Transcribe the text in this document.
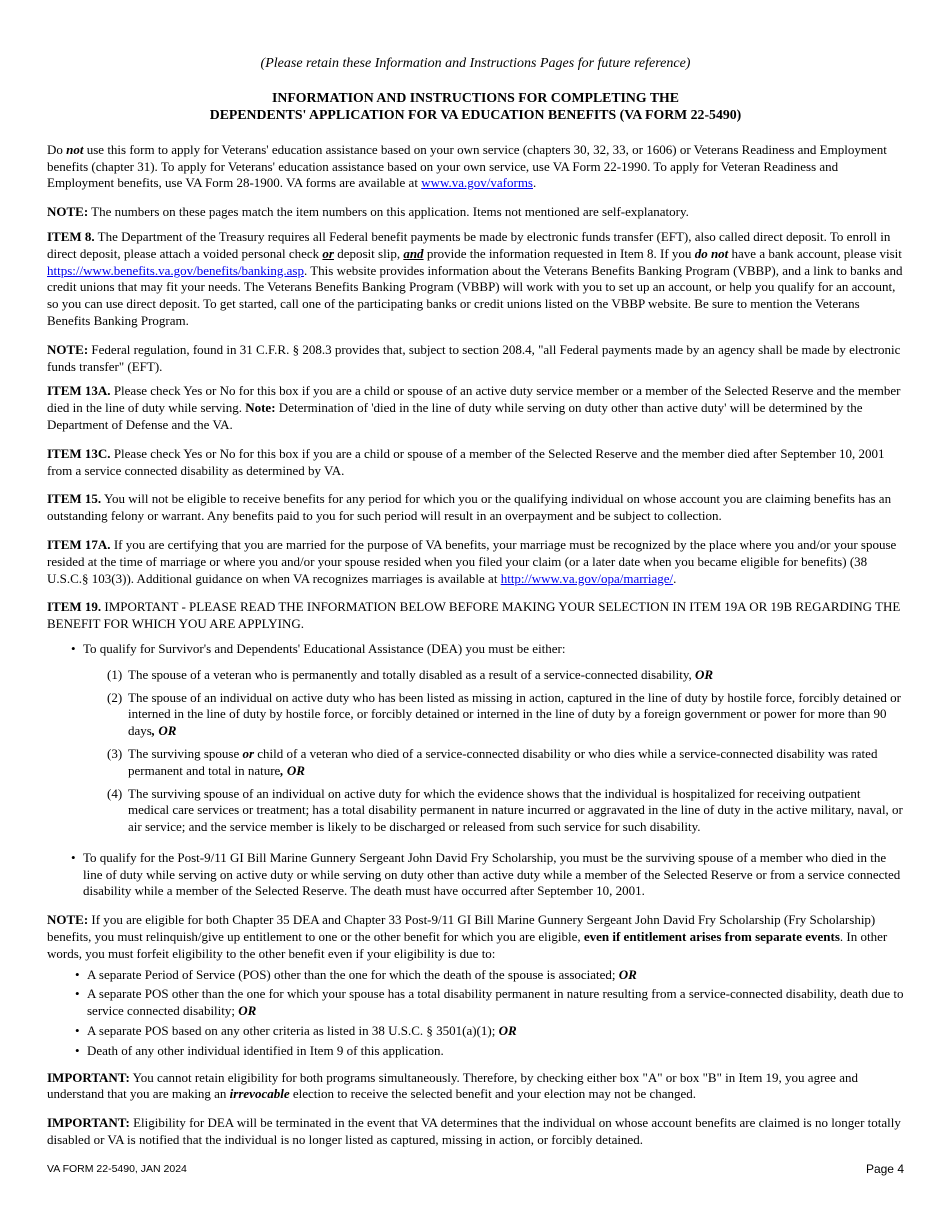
(Please retain these Information and Instructions Pages for future reference)
INFORMATION AND INSTRUCTIONS FOR COMPLETING THE
DEPENDENTS' APPLICATION FOR VA EDUCATION BENEFITS (VA FORM 22-5490)

Do not use this form to apply for Veterans' education assistance based on your own service (chapters 30, 32, 33, or 1606) or Veterans Readiness and Employment benefits (chapter 31). To apply for Veterans' education assistance based on your own service, use VA Form 22-1990. To apply for Veteran Readiness and Employment benefits, use VA Form 28-1900. VA forms are available at www.va.gov/vaforms.

NOTE: The numbers on these pages match the item numbers on this application. Items not mentioned are self-explanatory.

ITEM 8. The Department of the Treasury requires all Federal benefit payments be made by electronic funds transfer (EFT), also called direct deposit. To enroll in direct deposit, please attach a voided personal check or deposit slip, and provide the information requested in Item 8. If you do not have a bank account, please visit https://www.benefits.va.gov/benefits/banking.asp. This website provides information about the Veterans Benefits Banking Program (VBBP), and a link to banks and credit unions that may fit your needs. The Veterans Benefits Banking Program (VBBP) will work with you to set up an account, or help you qualify for an account, so you can use direct deposit. To get started, call one of the participating banks or credit unions listed on the VBBP website. Be sure to mention the Veterans Benefits Banking Program.

NOTE: Federal regulation, found in 31 C.F.R. § 208.3 provides that, subject to section 208.4, "all Federal payments made by an agency shall be made by electronic funds transfer" (EFT).

ITEM 13A. Please check Yes or No for this box if you are a child or spouse of an active duty service member or a member of the Selected Reserve and the member died in the line of duty while serving. Note: Determination of 'died in the line of duty while serving on duty other than active duty' will be determined by the Department of Defense and the VA.

ITEM 13C. Please check Yes or No for this box if you are a child or spouse of a member of the Selected Reserve and the member died after September 10, 2001 from a service connected disability as determined by VA.

ITEM 15. You will not be eligible to receive benefits for any period for which you or the qualifying individual on whose account you are claiming benefits has an outstanding felony or warrant. Any benefits paid to you for such period will result in an overpayment and be subject to collection.

ITEM 17A. If you are certifying that you are married for the purpose of VA benefits, your marriage must be recognized by the place where you and/or your spouse resided at the time of marriage or where you and/or your spouse resided when you filed your claim (or a later date when you became eligible for benefits) (38 U.S.C.§ 103(3)). Additional guidance on when VA recognizes marriages is available at http://www.va.gov/opa/marriage/.

ITEM 19. IMPORTANT - PLEASE READ THE INFORMATION BELOW BEFORE MAKING YOUR SELECTION IN ITEM 19A OR 19B REGARDING THE BENEFIT FOR WHICH YOU ARE APPLYING.

• To qualify for Survivor's and Dependents' Educational Assistance (DEA) you must be either:

(1) The spouse of a veteran who is permanently and totally disabled as a result of a service-connected disability, OR
(2) The spouse of an individual on active duty who has been listed as missing in action, captured in the line of duty by hostile force, forcibly detained or interned in the line of duty by hostile force, or forcibly detained or interned in the line of duty by a foreign government or power for more than 90 days, OR
(3) The surviving spouse or child of a veteran who died of a service-connected disability or who dies while a service-connected disability was rated permanent and total in nature, OR
(4) The surviving spouse of an individual on active duty for which the evidence shows that the individual is hospitalized for receiving outpatient medical care services or treatment; has a total disability permanent in nature incurred or aggravated in the line of duty in the active military, naval, or air service; and the service member is likely to be discharged or released from such service for such disability.

• To qualify for the Post-9/11 GI Bill Marine Gunnery Sergeant John David Fry Scholarship, you must be the surviving spouse of a member who died in the line of duty while serving on active duty or while serving on duty other than active duty while a member of the Selected Reserve or from a service connected disability while a member of the Selected Reserve. The death must have occurred after September 10, 2001.

NOTE: If you are eligible for both Chapter 35 DEA and Chapter 33 Post-9/11 GI Bill Marine Gunnery Sergeant John David Fry Scholarship (Fry Scholarship) benefits, you must relinquish/give up entitlement to one or the other benefit for which you are eligible, even if entitlement arises from separate events. In other words, you must forfeit eligibility to the other benefit even if your eligibility is due to:

• A separate Period of Service (POS) other than the one for which the death of the spouse is associated; OR
• A separate POS other than the one for which your spouse has a total disability permanent in nature resulting from a service-connected disability, death due to service connected disability; OR
• A separate POS based on any other criteria as listed in 38 U.S.C. § 3501(a)(1); OR
• Death of any other individual identified in Item 9 of this application.

IMPORTANT: You cannot retain eligibility for both programs simultaneously. Therefore, by checking either box "A" or box "B" in Item 19, you agree and understand that you are making an irrevocable election to receive the selected benefit and your election may not be changed.

IMPORTANT: Eligibility for DEA will be terminated in the event that VA determines that the individual on whose account benefits are claimed is no longer totally disabled or VA is notified that the individual is no longer listed as captured, missing in action, or forcibly detained.

VA FORM 22-5490, JAN 2024	Page 4
